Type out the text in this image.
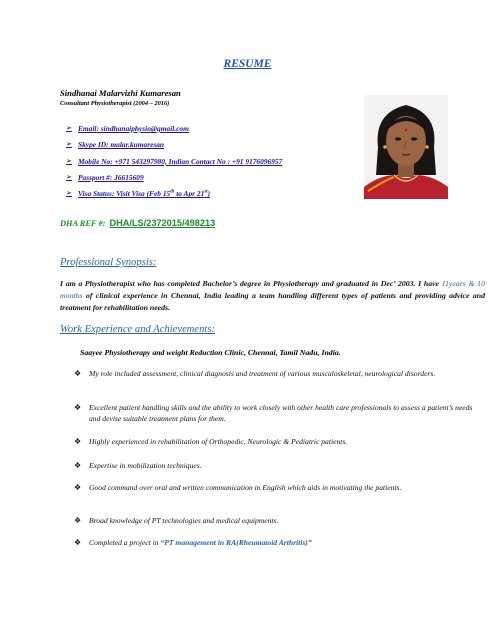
RESUME
Sindhanai Malarvizhi Kumaresan
Consultant Physiotherapist (2004 – 2016)
➢ Email: sindhanaiphysio@gmail.com
➢ Skype ID: malar.kumaresan
➢ Mobile No: +971 543297980, Indian Contact No : +91 9176096957
➢ Passport #: J6615609
➢ Visa Status: Visit Visa (Feb 15th to Apr 21st)
DHA REF #: DHA/LS/2372015/498213
Professional Synopsis:
I am a Physiotherapist who has completed Bachelor’s degree in Physiotherapy and graduated in Dec’ 2003. I have 11years & 10 months of clinical experience in Chennai, India leading a team handling different types of patients and providing advice and treatment for rehabilitation needs.
Work Experience and Achievements:
Saayee Physiotherapy and weight Reduction Clinic, Chennai, Tamil Nadu, India.
❖	My role included assessment, clinical diagnosis and treatment of various musculoskeletal, neurological disorders.
❖	Excellent patient handling skills and the ability to work closely with other health care professionals to assess a patient’s needs and devise suitable treatment plans for them.
❖	Highly experienced in rehabilitation of Orthopedic, Neurologic & Pediatric patients.
❖	Expertise in mobilization techniques.
❖	Good command over oral and written communication in English which aids in motivating the patients.
❖	Broad knowledge of PT technologies and medical equipments.
❖	Completed a project in “PT management in RA(Rheumatoid Arthritis)”
